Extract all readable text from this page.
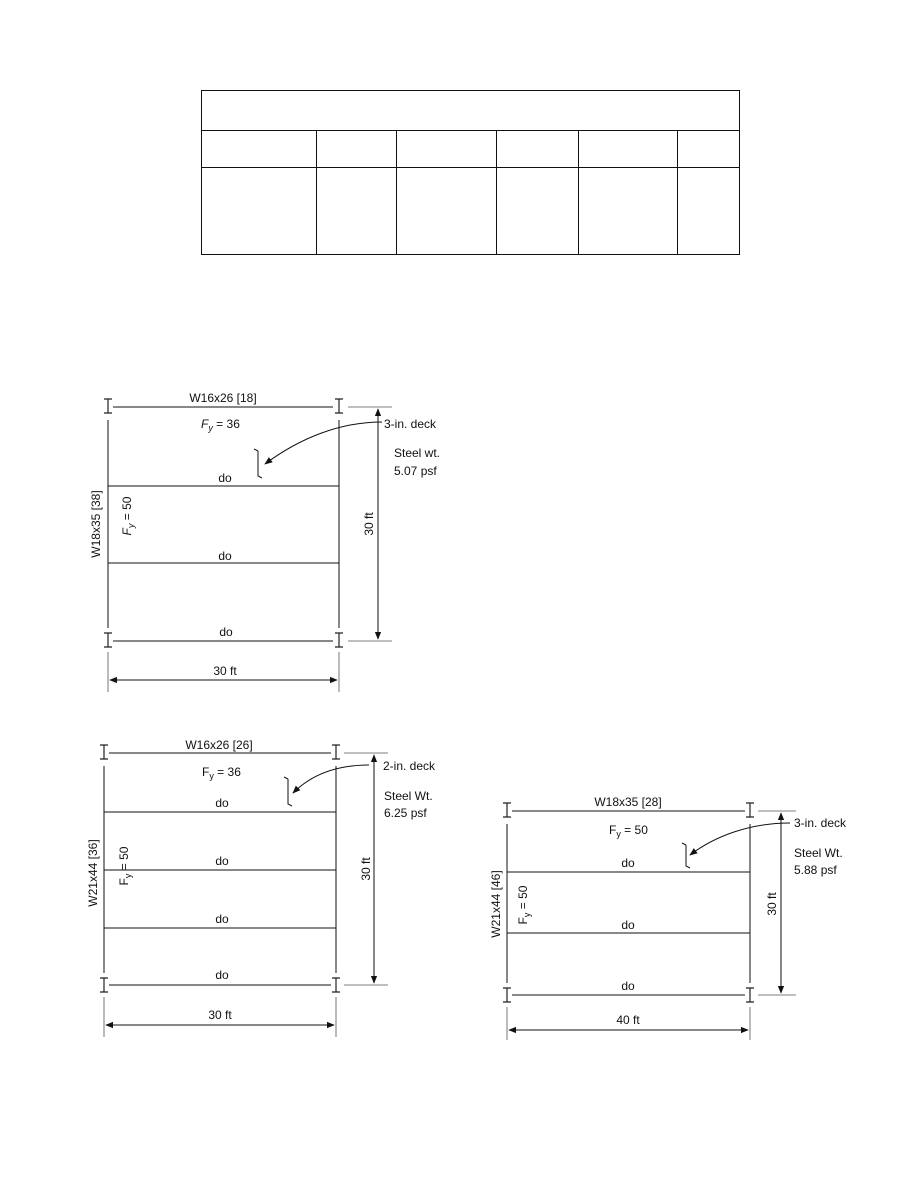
W16x26 [18]
$F_y = 36$	3-in. deck
Steel wt.
5.07 psf
do
do
do
W18x35 [38] $F_y = 50$
30 ft
30 ft
W16x26 [26]
$F_y = 36$	2-in. deck
Steel Wt.
6.25 psf
do
do
do
do
W21x44 [36] $F_y = 50$	30 ft
30 ft
W18x35 [28]
$F_y = 50$	3-in. deck
Steel Wt.
5.88 psf
do
do
do
W21x44 [46] $F_y = 50$	30 ft
40 ft
